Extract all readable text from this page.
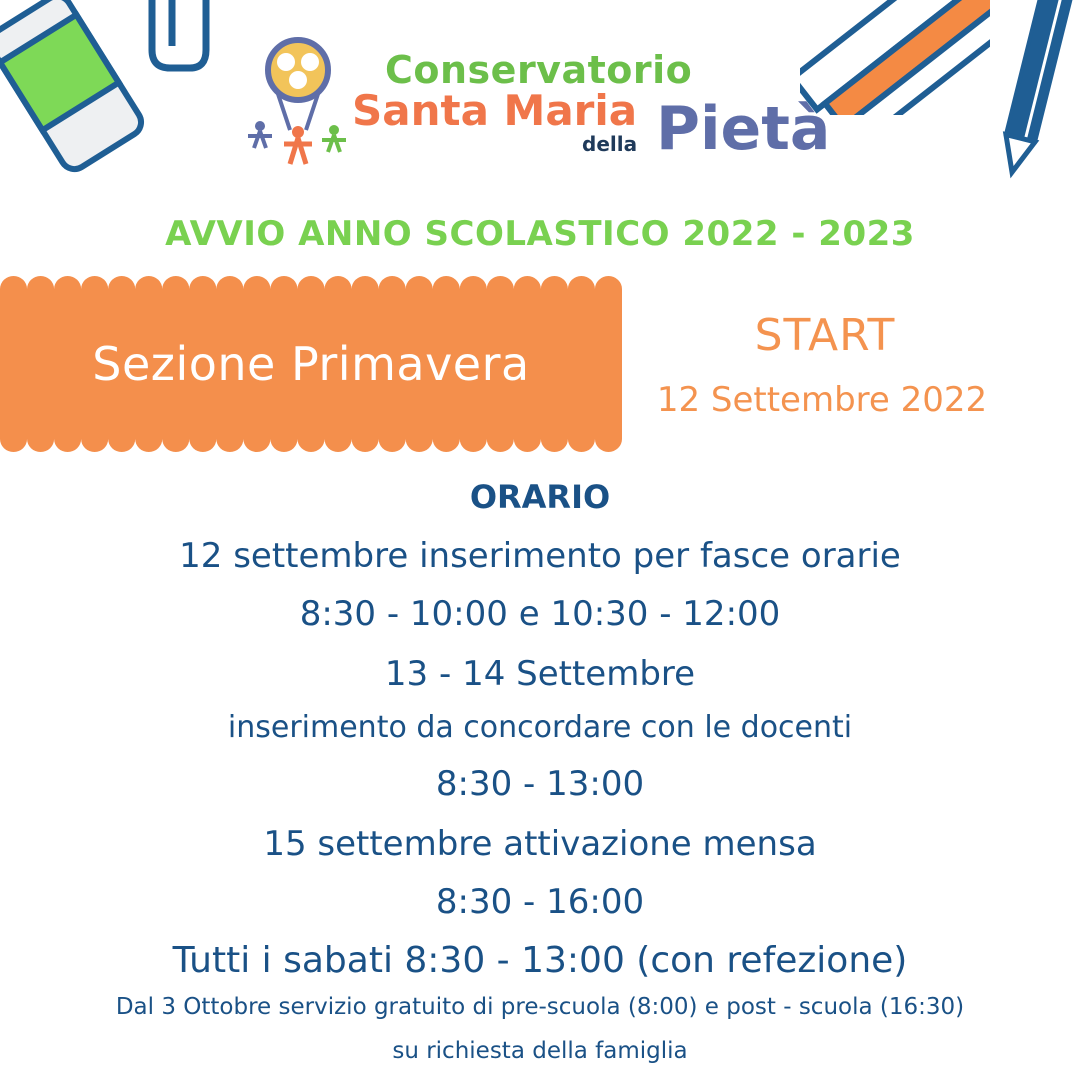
Conservatorio
Santa Maria
della Pietà
AVVIO ANNO SCOLASTICO 2022 - 2023
Sezione Primavera
START
12 Settembre 2022
ORARIO
12 settembre inserimento per fasce orarie
8:30 - 10:00 e 10:30 - 12:00
13 - 14 Settembre
inserimento da concordare con le docenti
8:30 - 13:00
15 settembre attivazione mensa
8:30 - 16:00
Tutti i sabati 8:30 - 13:00 (con refezione)
Dal 3 Ottobre servizio gratuito di pre-scuola (8:00) e post - scuola (16:30)
su richiesta della famiglia
